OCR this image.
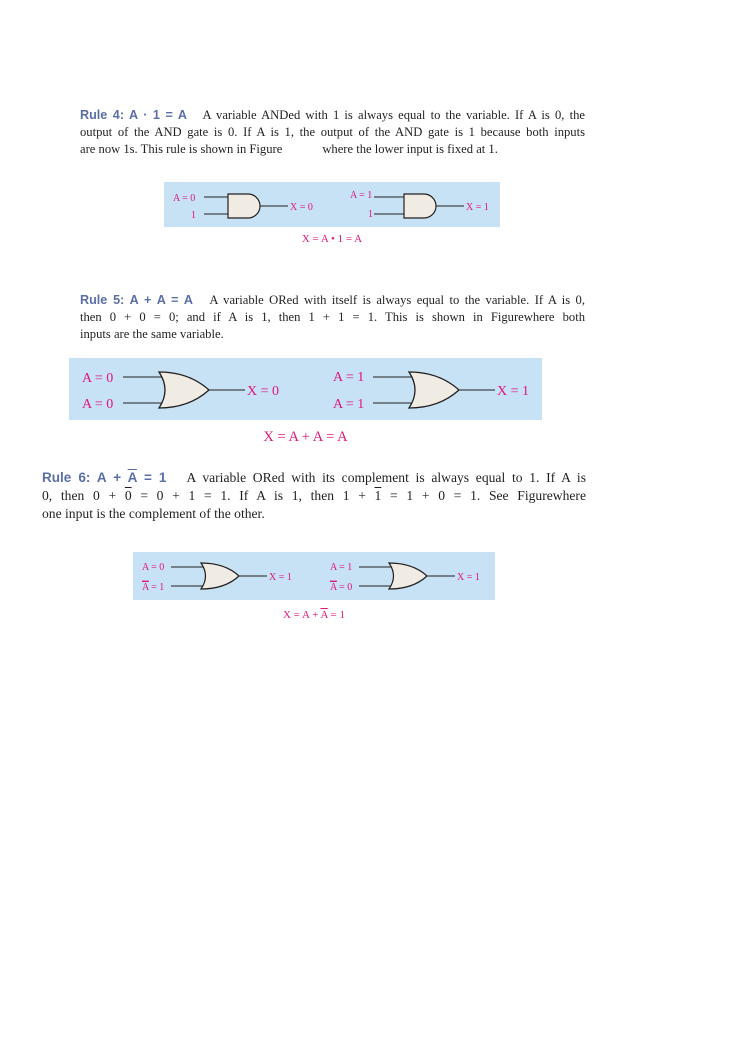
Rule 4: A · 1 = A A variable ANDed with 1 is always equal to the variable. If A is 0, the
output of the AND gate is 0. If A is 1, the output of the AND gate is 1 because both inputs
are now 1s. This rule is shown in Figure	where the lower input is fixed at 1.
A = 0
1
X = 0
A = 1
1
X = 1
X = A • 1 = A
Rule 5: A + A = A A variable ORed with itself is always equal to the variable. If A is 0,
then 0 + 0 = 0; and if A is 1, then 1 + 1 = 1. This is shown in Figurewhere both
inputs are the same variable.
A = 0
A = 0
X = 0
A = 1
A = 1
X = 1
X = A + A = A
Rule 6: $A + \overline{A} = 1$ A variable ORed with its complement is always equal to 1. If A is
0, then 0 + 0 = 0 + 1 = 1. If A is 1, then 1 + 1 = 1 + 0 = 1. See Figurewhere
one input is the complement of the other.
A = 0
A = 1
X = 1
A = 1
A = 0
X = 1
$X = A + \overline{A} = 1$
